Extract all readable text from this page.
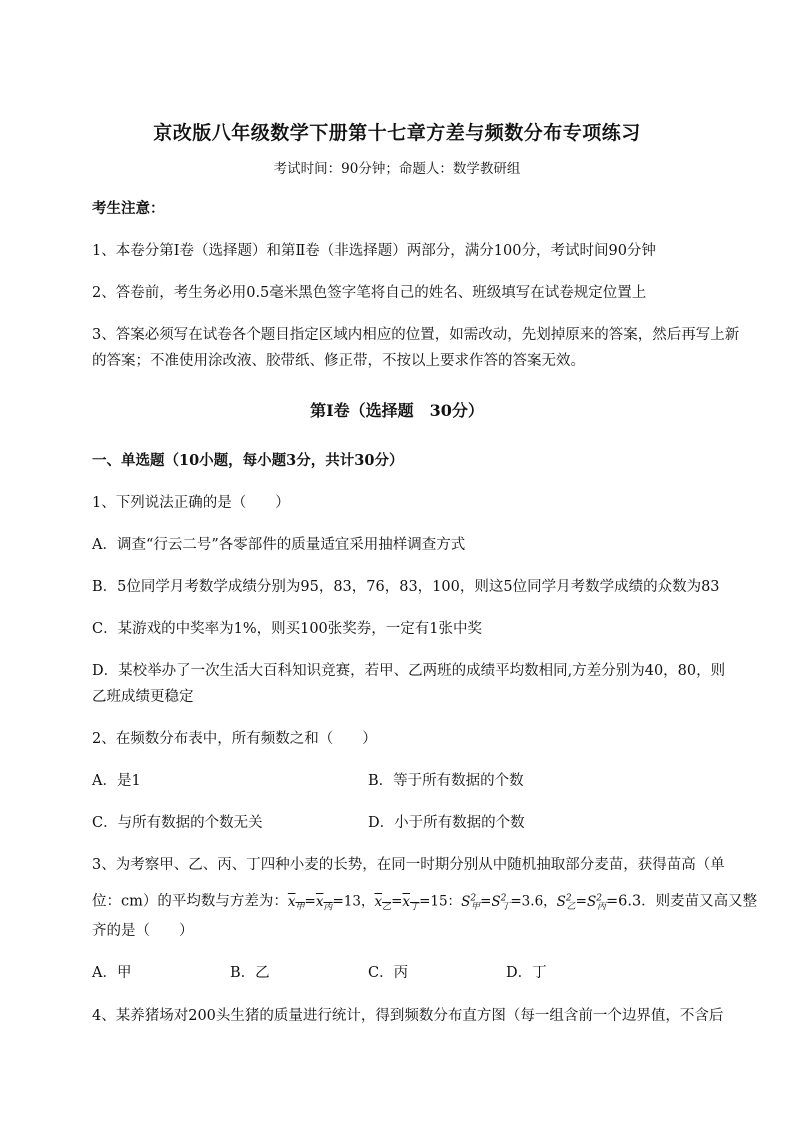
京改版八年级数学下册第十七章方差与频数分布专项练习
考试时间：90分钟；命题人：数学教研组
考生注意：
1、本卷分第I卷（选择题）和第Ⅱ卷（非选择题）两部分，满分100分，考试时间90分钟
2、答卷前，考生务必用0.5毫米黑色签字笔将自己的姓名、班级填写在试卷规定位置上
3、答案必须写在试卷各个题目指定区域内相应的位置，如需改动，先划掉原来的答案，然后再写上新
的答案；不准使用涂改液、胶带纸、修正带，不按以上要求作答的答案无效。
第I卷（选择题　30分）
一、单选题（10小题，每小题3分，共计30分）
1、下列说法正确的是（　　）
A．调查“行云二号”各零部件的质量适宜采用抽样调查方式
B．5位同学月考数学成绩分别为95，83，76，83，100，则这5位同学月考数学成绩的众数为83
C．某游戏的中奖率为1%，则买100张奖券，一定有1张中奖
D．某校举办了一次生活大百科知识竞赛，若甲、乙两班的成绩平均数相同,方差分别为40，80，则
乙班成绩更稳定
2、在频数分布表中，所有频数之和（　　）
A．是1	B．等于所有数据的个数
C．与所有数据的个数无关	D．小于所有数据的个数
3、为考察甲、乙、丙、丁四种小麦的长势，在同一时期分别从中随机抽取部分麦苗，获得苗高（单
位：cm）的平均数与方差为：$x_甲=x_丙=13$，$x_乙=x_丁=15$：$S^2_甲=S^2_丁=3.6$，$S^2_乙=S^2_丙=6.3$．则麦苗又高又整
齐的是（　　）
A．甲	B．乙	C．丙	D．丁
4、某养猪场对200头生猪的质量进行统计，得到频数分布直方图（每一组含前一个边界值，不含后
